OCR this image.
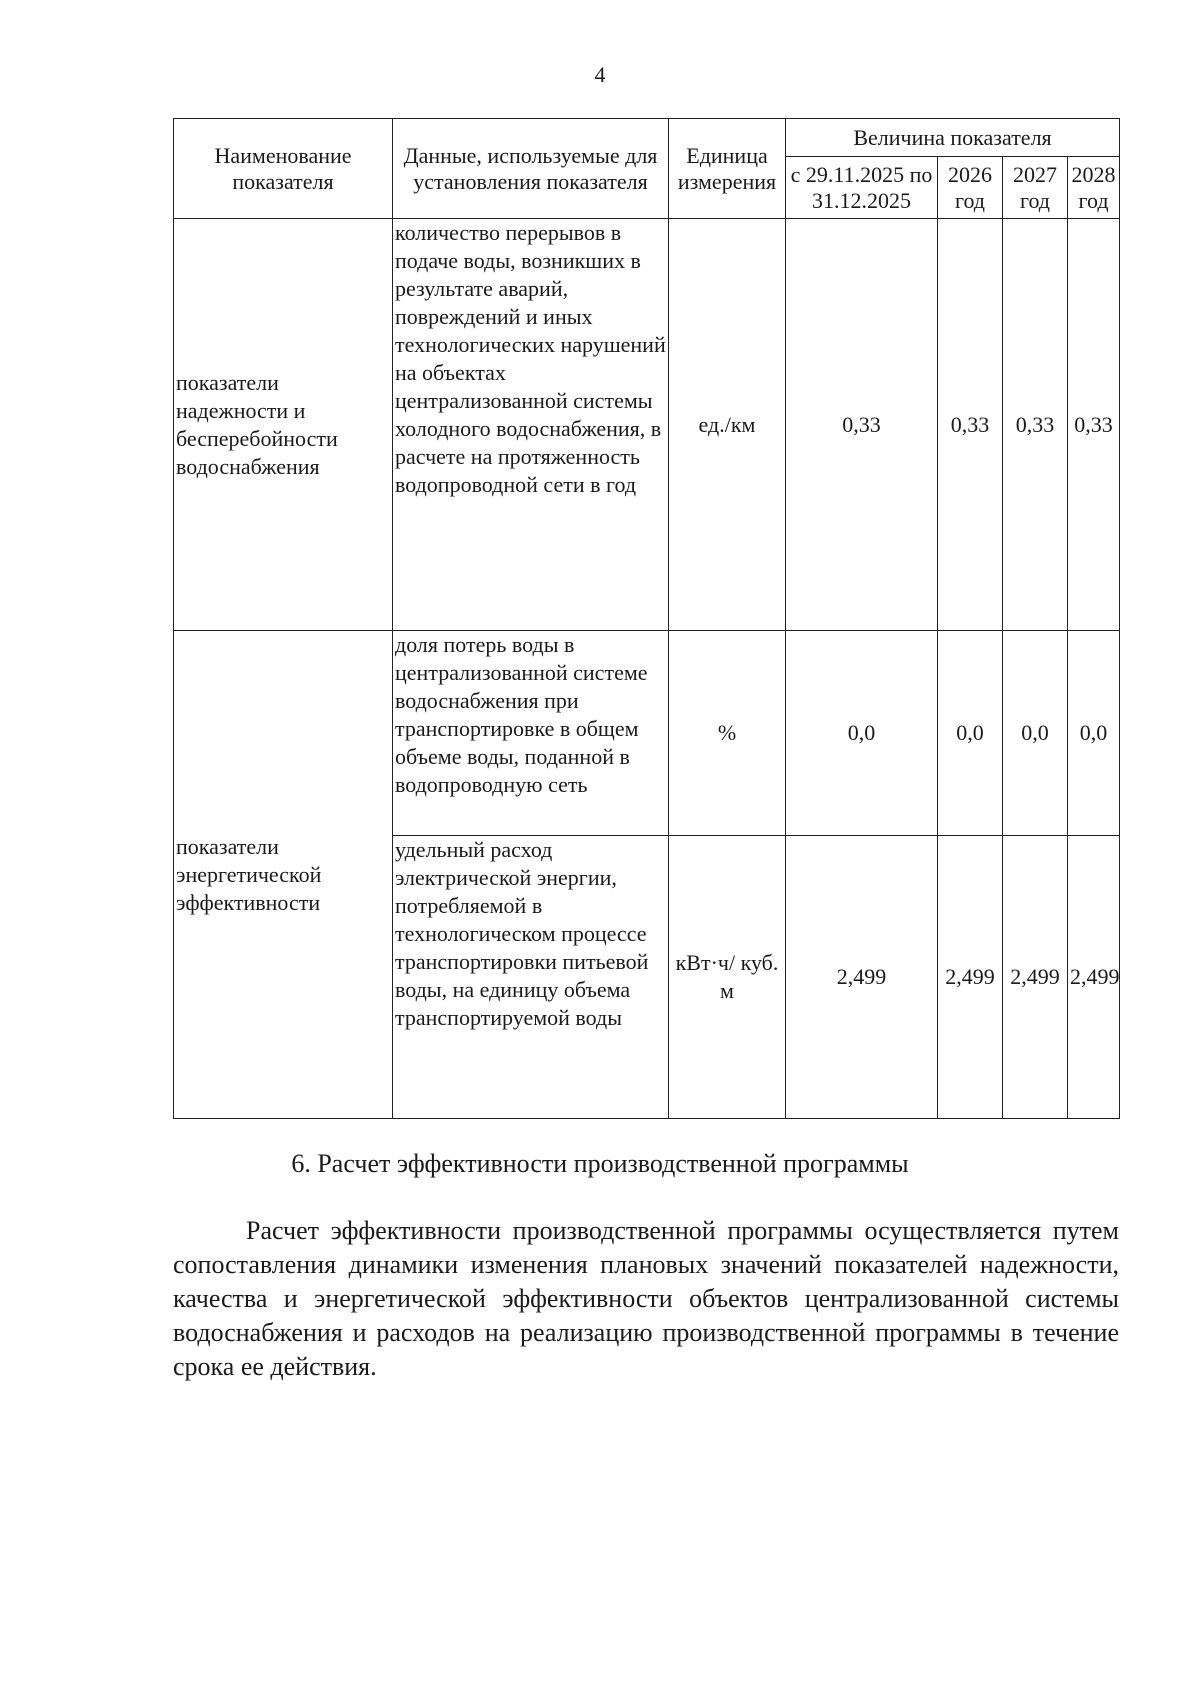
4
Наименование показателя	Данные, используемые для установления показателя	Единица измерения	Величина показателя			
			с 29.11.2025 по 31.12.2025	2026 год	2027 год	2028 год
показатели надежности и бесперебойности водоснабжения	количество перерывов в подаче воды, возникших в результате аварий, повреждений и иных технологических нарушений на объектах централизованной системы холодного водоснабжения, в расчете на протяженность водопроводной сети в год	ед./км	0,33	0,33	0,33	0,33
показатели энергетической эффективности	доля потерь воды в централизованной системе водоснабжения при транспортировке в общем объеме воды, поданной в водопроводную сеть	%	0,0	0,0	0,0	0,0
	удельный расход электрической энергии, потребляемой в технологическом процессе транспортировки питьевой воды, на единицу объема транспортируемой воды	кВт·ч/ куб. м	2,499	2,499	2,499	2,499
6. Расчет эффективности производственной программы

Расчет эффективности производственной программы осуществляется путем сопоставления динамики изменения плановых значений показателей надежности, качества и энергетической эффективности объектов централизованной системы водоснабжения и расходов на реализацию производственной программы в течение срока ее действия.
